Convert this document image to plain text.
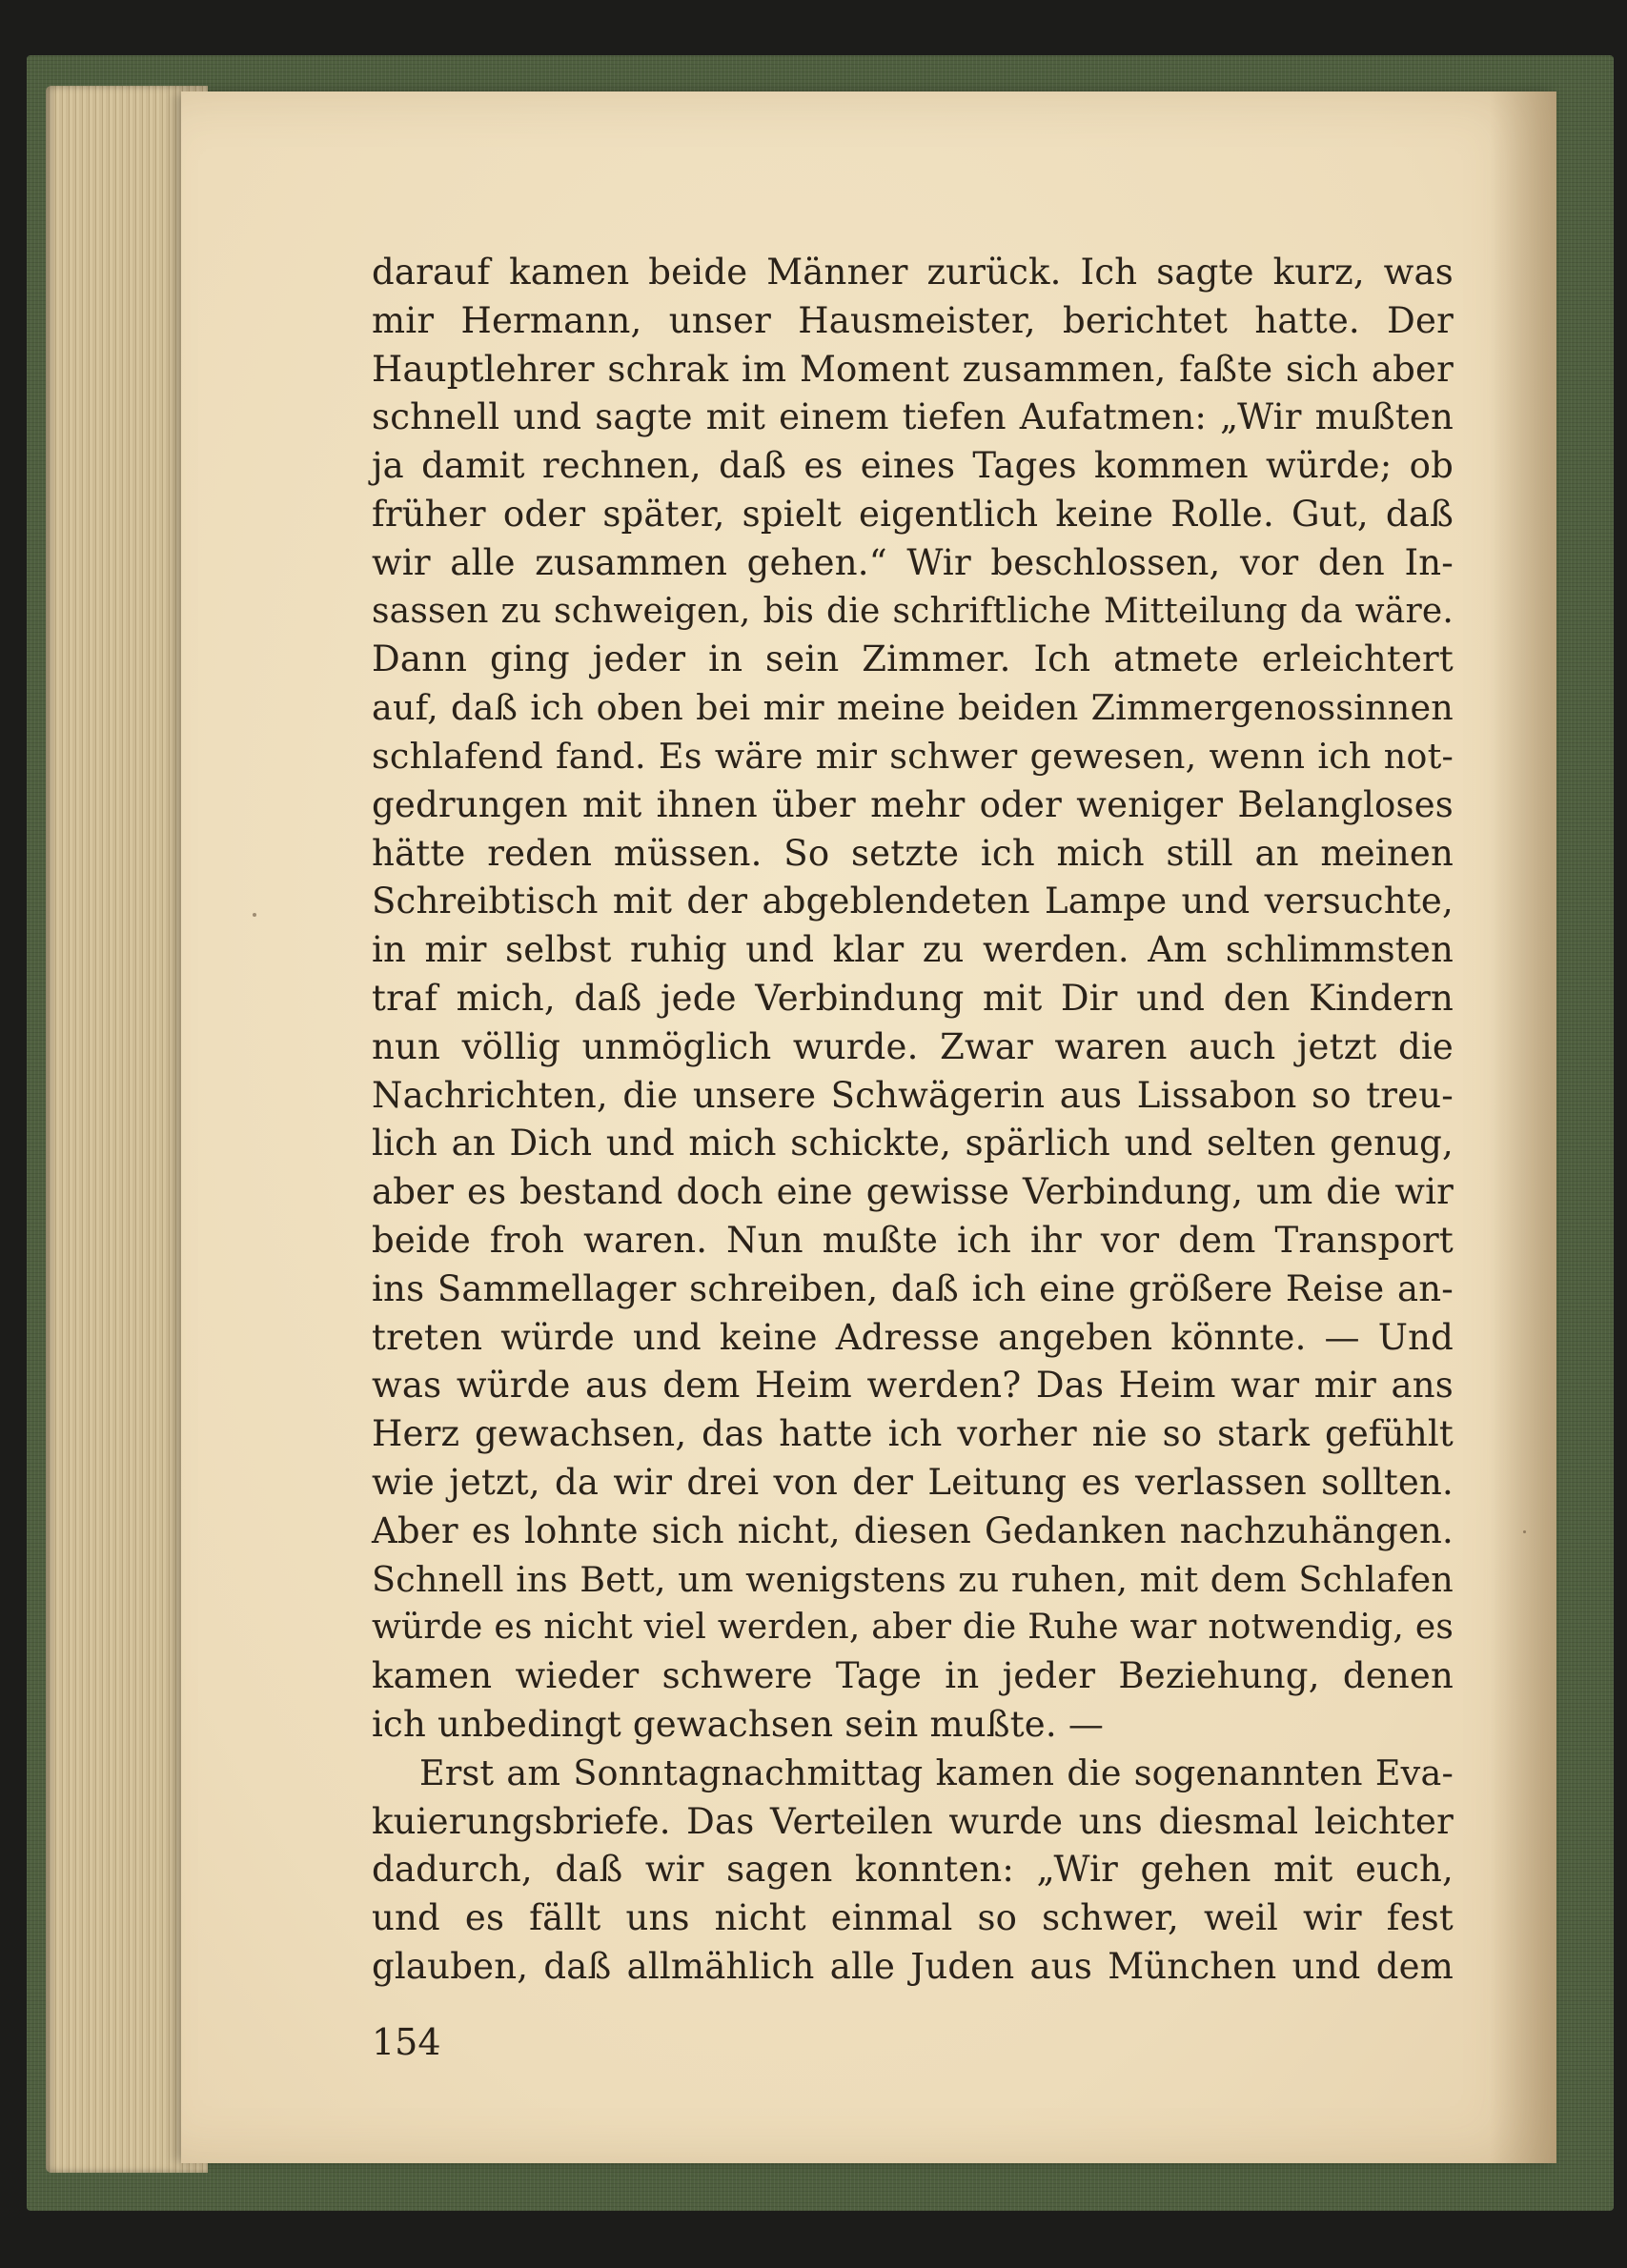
darauf kamen beide Männer zurück. Ich sagte kurz, was
mir Hermann, unser Hausmeister, berichtet hatte. Der
Hauptlehrer schrak im Moment zusammen, faßte sich aber
schnell und sagte mit einem tiefen Aufatmen: „Wir mußten
ja damit rechnen, daß es eines Tages kommen würde; ob
früher oder später, spielt eigentlich keine Rolle. Gut, daß
wir alle zusammen gehen.“ Wir beschlossen, vor den In-
sassen zu schweigen, bis die schriftliche Mitteilung da wäre.
Dann ging jeder in sein Zimmer. Ich atmete erleichtert
auf, daß ich oben bei mir meine beiden Zimmergenossinnen
schlafend fand. Es wäre mir schwer gewesen, wenn ich not-
gedrungen mit ihnen über mehr oder weniger Belangloses
hätte reden müssen. So setzte ich mich still an meinen
Schreibtisch mit der abgeblendeten Lampe und versuchte,
in mir selbst ruhig und klar zu werden. Am schlimmsten
traf mich, daß jede Verbindung mit Dir und den Kindern
nun völlig unmöglich wurde. Zwar waren auch jetzt die
Nachrichten, die unsere Schwägerin aus Lissabon so treu-
lich an Dich und mich schickte, spärlich und selten genug,
aber es bestand doch eine gewisse Verbindung, um die wir
beide froh waren. Nun mußte ich ihr vor dem Transport
ins Sammellager schreiben, daß ich eine größere Reise an-
treten würde und keine Adresse angeben könnte. — Und
was würde aus dem Heim werden? Das Heim war mir ans
Herz gewachsen, das hatte ich vorher nie so stark gefühlt
wie jetzt, da wir drei von der Leitung es verlassen sollten.
Aber es lohnte sich nicht, diesen Gedanken nachzuhängen.
Schnell ins Bett, um wenigstens zu ruhen, mit dem Schlafen
würde es nicht viel werden, aber die Ruhe war notwendig, es
kamen wieder schwere Tage in jeder Beziehung, denen
ich unbedingt gewachsen sein mußte. —
Erst am Sonntagnachmittag kamen die sogenannten Eva-
kuierungsbriefe. Das Verteilen wurde uns diesmal leichter
dadurch, daß wir sagen konnten: „Wir gehen mit euch,
und es fällt uns nicht einmal so schwer, weil wir fest
glauben, daß allmählich alle Juden aus München und dem
154
